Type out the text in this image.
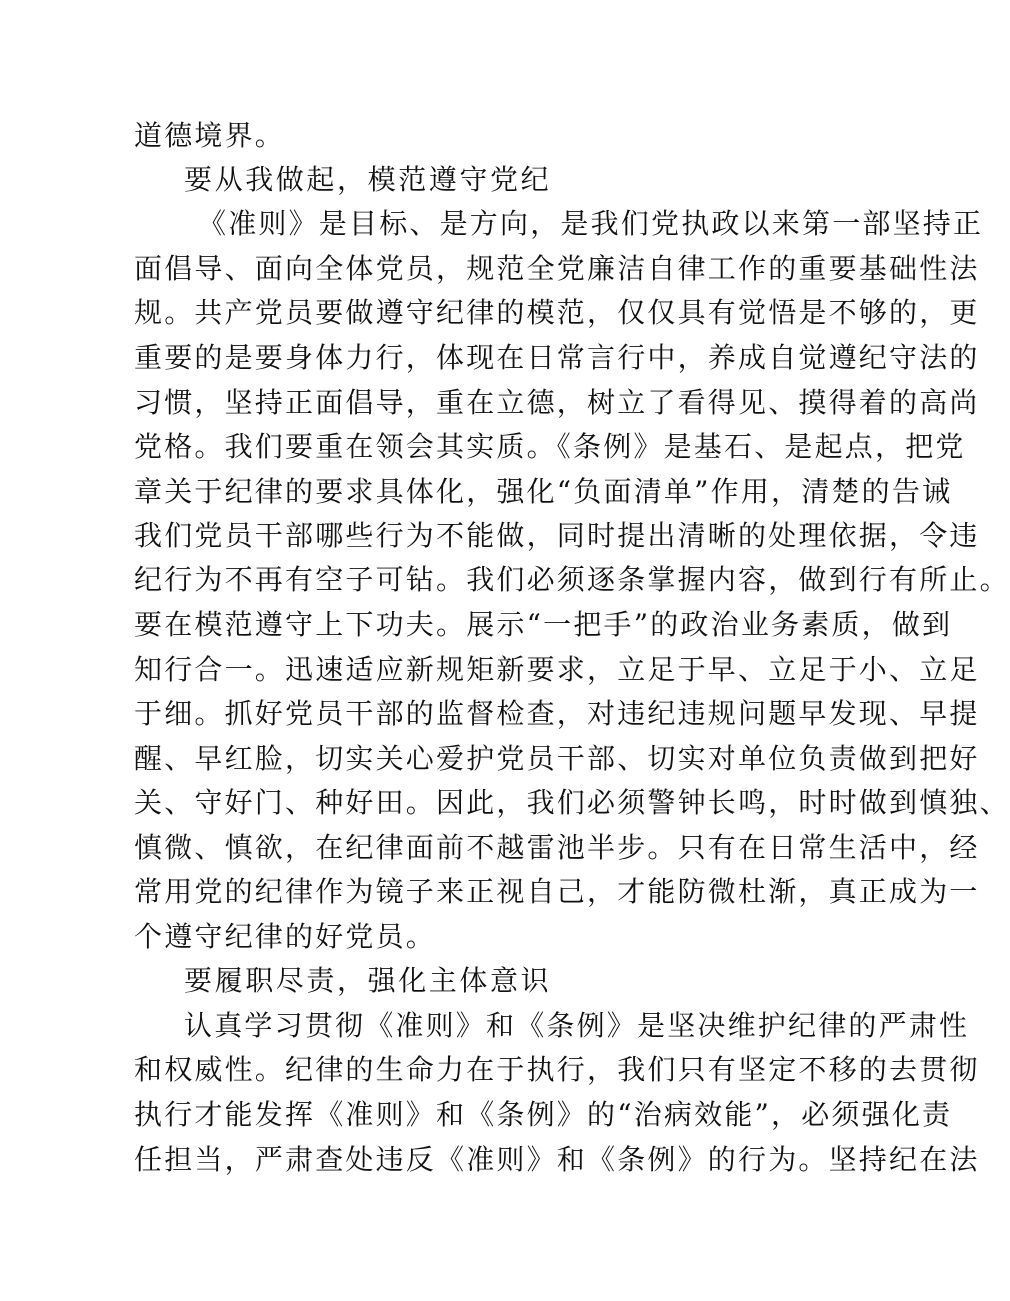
道德境界。
要从我做起，模范遵守党纪
《准则》是目标、是方向，是我们党执政以来第一部坚持正
面倡导、面向全体党员，规范全党廉洁自律工作的重要基础性法
规。共产党员要做遵守纪律的模范，仅仅具有觉悟是不够的，更
重要的是要身体力行，体现在日常言行中，养成自觉遵纪守法的
习惯，坚持正面倡导，重在立德，树立了看得见、摸得着的高尚
党格。我们要重在领会其实质。《条例》是基石、是起点，把党
章关于纪律的要求具体化，强化“负面清单”作用，清楚的告诫
我们党员干部哪些行为不能做，同时提出清晰的处理依据，令违
纪行为不再有空子可钻。我们必须逐条掌握内容，做到行有所止。
要在模范遵守上下功夫。展示“一把手”的政治业务素质，做到
知行合一。迅速适应新规矩新要求，立足于早、立足于小、立足
于细。抓好党员干部的监督检查，对违纪违规问题早发现、早提
醒、早红脸，切实关心爱护党员干部、切实对单位负责做到把好
关、守好门、种好田。因此，我们必须警钟长鸣，时时做到慎独、
慎微、慎欲，在纪律面前不越雷池半步。只有在日常生活中，经
常用党的纪律作为镜子来正视自己，才能防微杜渐，真正成为一
个遵守纪律的好党员。
要履职尽责，强化主体意识
认真学习贯彻《准则》和《条例》是坚决维护纪律的严肃性
和权威性。纪律的生命力在于执行，我们只有坚定不移的去贯彻
执行才能发挥《准则》和《条例》的“治病效能”，必须强化责
任担当，严肃查处违反《准则》和《条例》的行为。坚持纪在法
